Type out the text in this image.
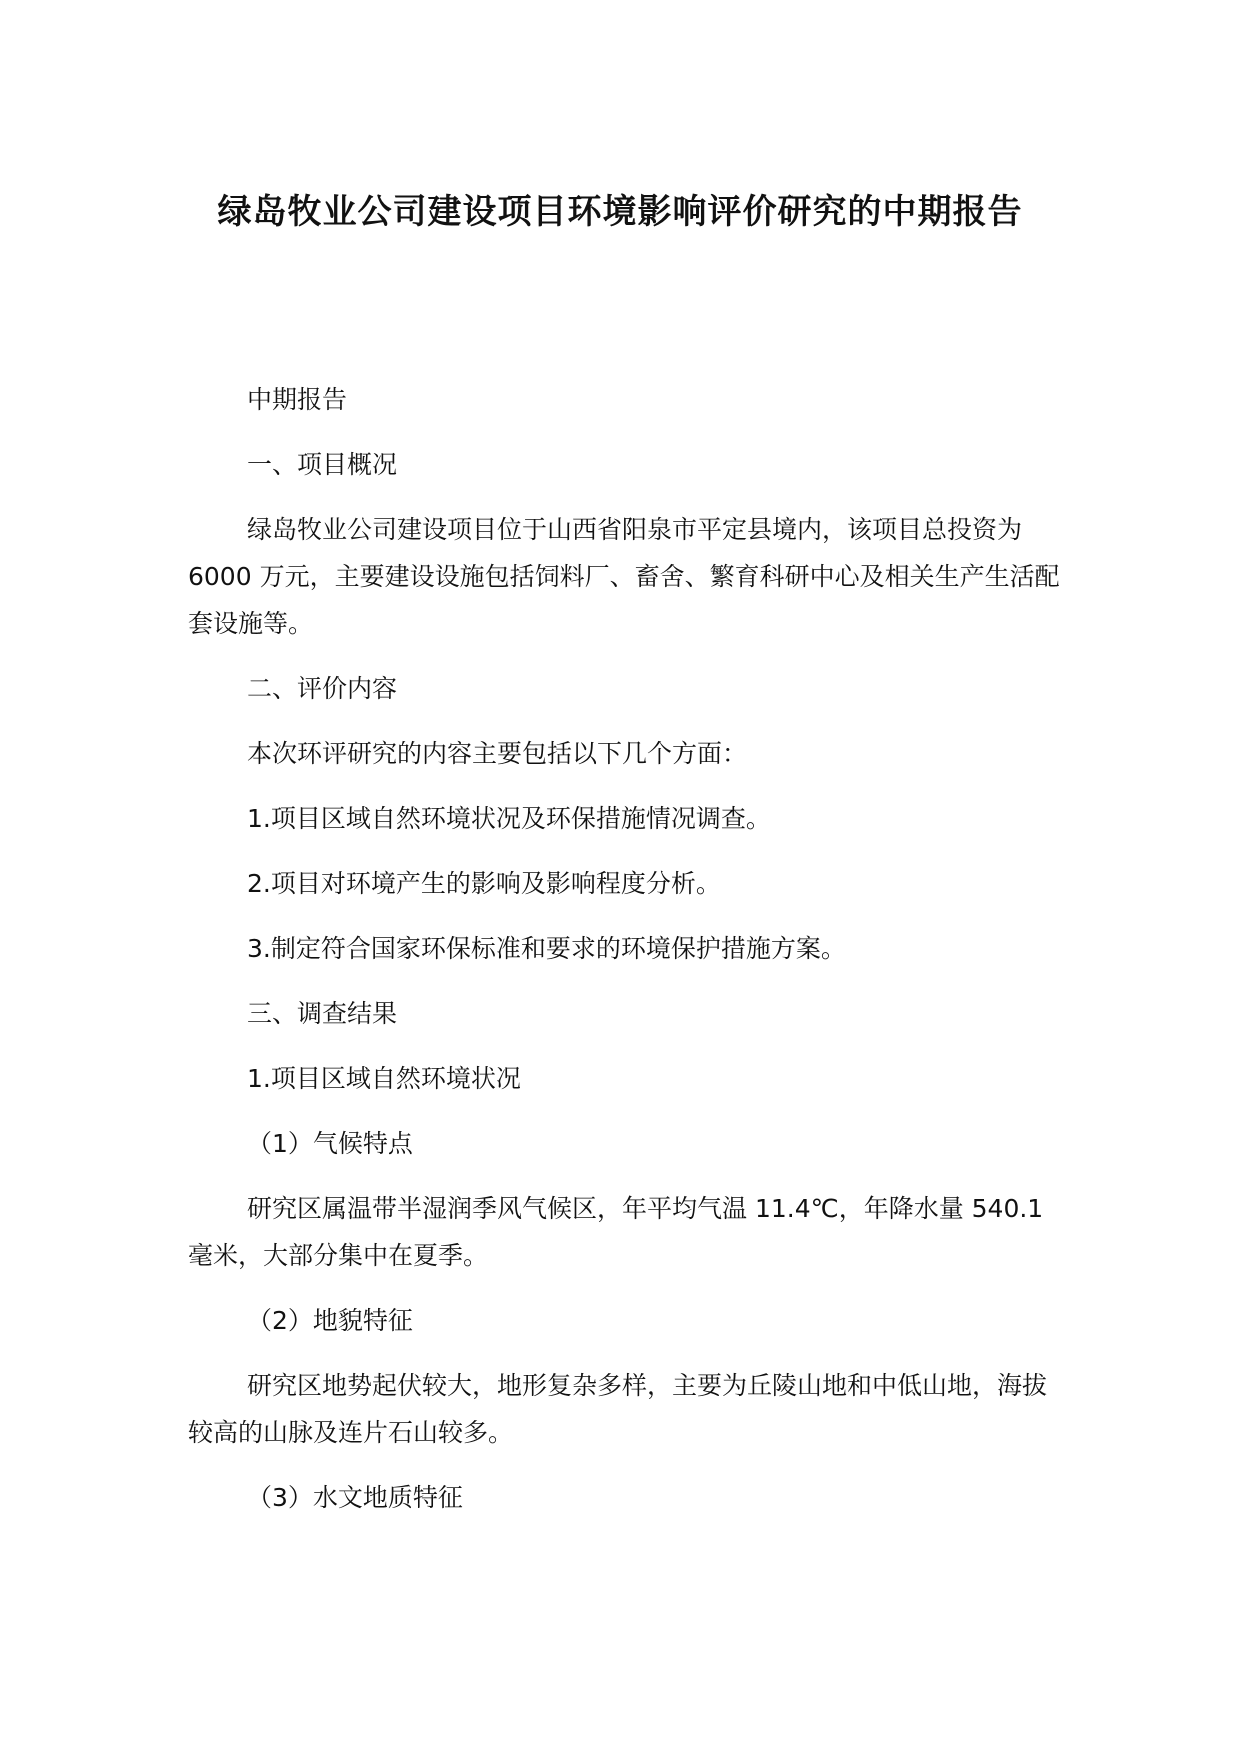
绿岛牧业公司建设项目环境影响评价研究的中期报告

中期报告

一、项目概况

绿岛牧业公司建设项目位于山西省阳泉市平定县境内，该项目总投资为 6000 万元，主要建设设施包括饲料厂、畜舍、繁育科研中心及相关生产生活配套设施等。

二、评价内容

本次环评研究的内容主要包括以下几个方面：

1.项目区域自然环境状况及环保措施情况调查。

2.项目对环境产生的影响及影响程度分析。

3.制定符合国家环保标准和要求的环境保护措施方案。

三、调查结果

1.项目区域自然环境状况

（1）气候特点

研究区属温带半湿润季风气候区，年平均气温 11.4℃，年降水量 540.1 毫米，大部分集中在夏季。

（2）地貌特征

研究区地势起伏较大，地形复杂多样，主要为丘陵山地和中低山地，海拔较高的山脉及连片石山较多。

（3）水文地质特征
